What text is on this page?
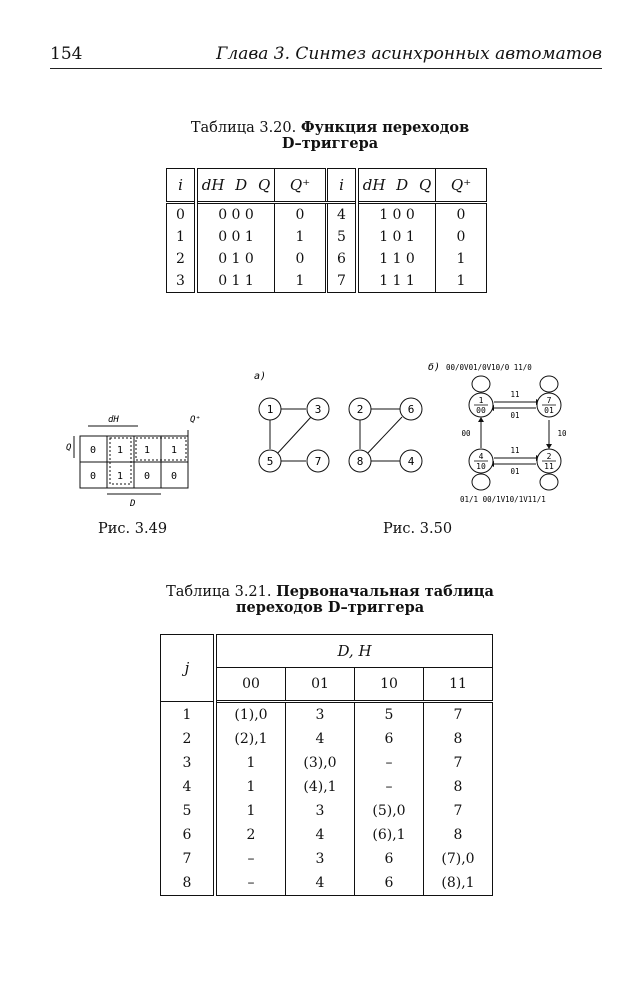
154	Глава 3. Синтез асинхронных автоматов
Таблица 3.20. Функция переходов
D–триггера
i	dH D Q	Q⁺	i	dH D Q	Q⁺
0	0 0 0	0	4	1 0 0	0
1	0 0 1	1	5	1 0 1	0
2	0 1 0	0	6	1 1 0	1
3	0 1 1	1	7	1 1 1	1
dH	Q⁺
Q 0 1 1 1
0 1 0 0
D
Рис. 3.49
а)
1	3
5	7
2	6
8	4
б) 00/0V01/0V10/0 11/0
1
00
7
01
4
10
2
11
11
01
00	10
11
01
01/1 00/1V10/1V11/1
Рис. 3.50
Таблица 3.21. Первоначальная таблица
переходов D–триггера
j	D, H			
	00	01	10	11
1	(1),0	3	5	7
2	(2),1	4	6	8
3	1	(3),0	–	7
4	1	(4),1	–	8
5	1	3	(5),0	7
6	2	4	(6),1	8
7	–	3	6	(7),0
8	–	4	6	(8),1
